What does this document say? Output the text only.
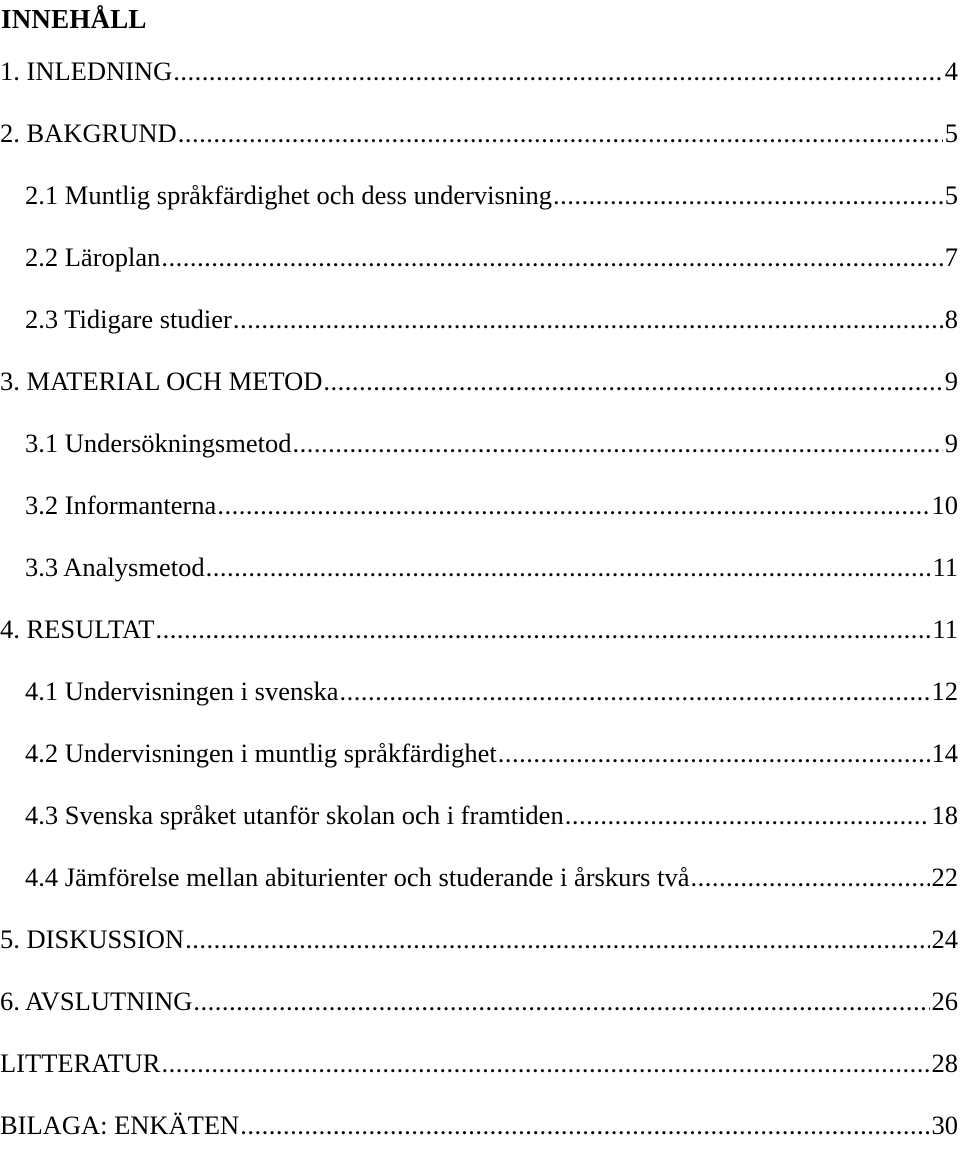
INNEHÅLL
1. INLEDNING .....	4
2. BAKGRUND .....	5
2.1 Muntlig språkfärdighet och dess undervisning .....	5
2.2 Läroplan .....	7
2.3 Tidigare studier .....	8
3. MATERIAL OCH METOD .....	9
3.1 Undersökningsmetod .....	9
3.2 Informanterna .....	10
3.3 Analysmetod .....	11
4. RESULTAT .....	11
4.1 Undervisningen i svenska .....	12
4.2 Undervisningen i muntlig språkfärdighet .....	14
4.3 Svenska språket utanför skolan och i framtiden .....	18
4.4 Jämförelse mellan abiturienter och studerande i årskurs två .....	22
5. DISKUSSION .....	24
6. AVSLUTNING .....	26
LITTERATUR .....	28
BILAGA: ENKÄTEN .....	30
